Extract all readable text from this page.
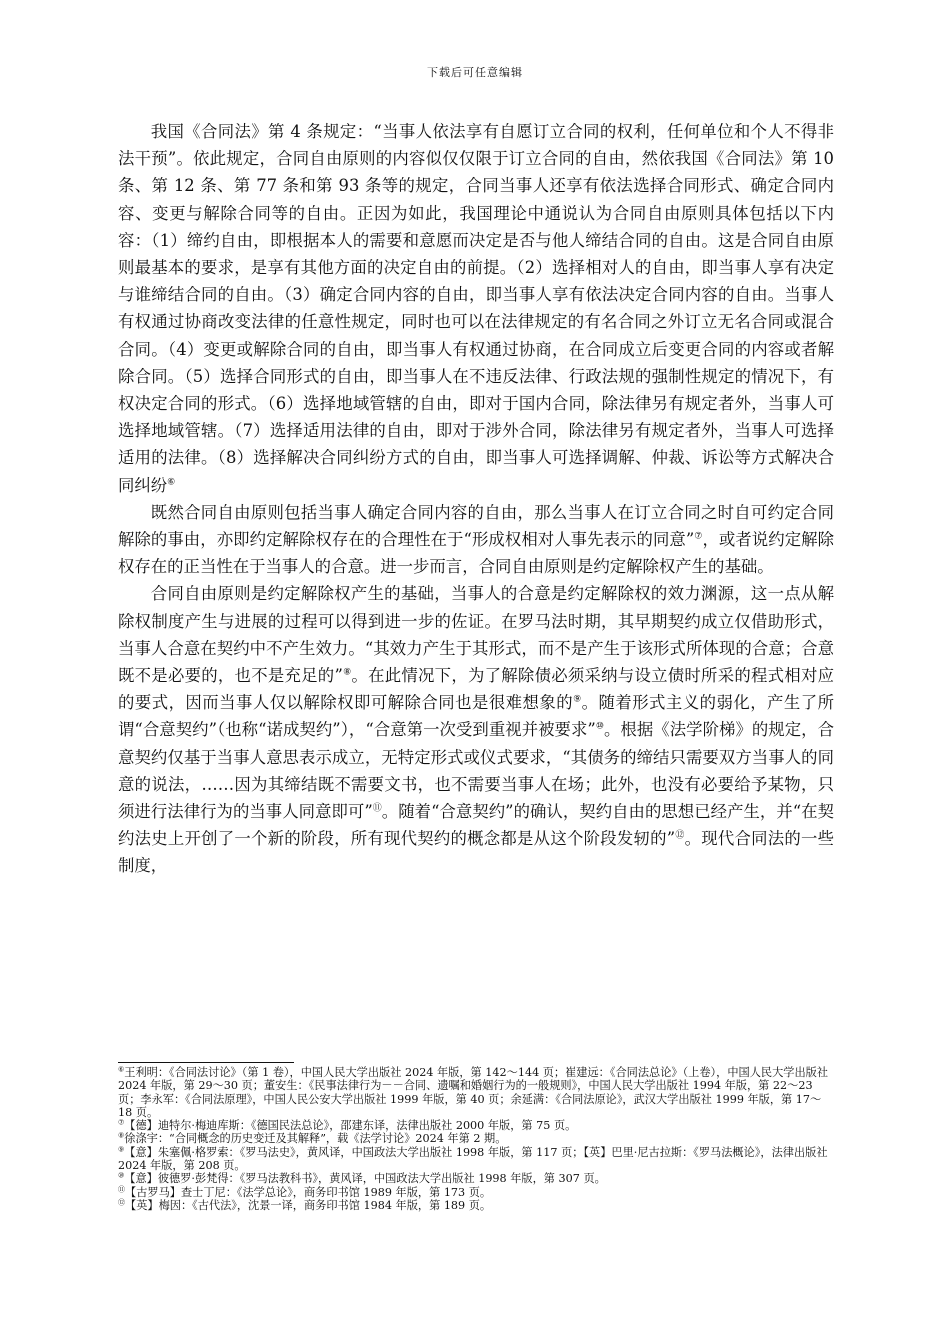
下载后可任意编辑

我国《合同法》第 4 条规定：“当事人依法享有自愿订立合同的权利，任何单位和个人不得非法干预”。依此规定，合同自由原则的内容似仅仅限于订立合同的自由，然依我国《合同法》第 10 条、第 12 条、第 77 条和第 93 条等的规定，合同当事人还享有依法选择合同形式、确定合同内容、变更与解除合同等的自由。正因为如此，我国理论中通说认为合同自由原则具体包括以下内容：（1）缔约自由，即根据本人的需要和意愿而决定是否与他人缔结合同的自由。这是合同自由原则最基本的要求，是享有其他方面的决定自由的前提。（2）选择相对人的自由，即当事人享有决定与谁缔结合同的自由。（3）确定合同内容的自由，即当事人享有依法决定合同内容的自由。当事人有权通过协商改变法律的任意性规定，同时也可以在法律规定的有名合同之外订立无名合同或混合合同。（4）变更或解除合同的自由，即当事人有权通过协商，在合同成立后变更合同的内容或者解除合同。（5）选择合同形式的自由，即当事人在不违反法律、行政法规的强制性规定的情况下，有权决定合同的形式。（6）选择地域管辖的自由，即对于国内合同，除法律另有规定者外，当事人可选择地域管辖。（7）选择适用法律的自由，即对于涉外合同，除法律另有规定者外，当事人可选择适用的法律。（8）选择解决合同纠纷方式的自由，即当事人可选择调解、仲裁、诉讼等方式解决合同纠纷⑥

既然合同自由原则包括当事人确定合同内容的自由，那么当事人在订立合同之时自可约定合同解除的事由，亦即约定解除权存在的合理性在于“形成权相对人事先表示的同意”⑦，或者说约定解除权存在的正当性在于当事人的合意。进一步而言，合同自由原则是约定解除权产生的基础。

合同自由原则是约定解除权产生的基础，当事人的合意是约定解除权的效力渊源，这一点从解除权制度产生与进展的过程可以得到进一步的佐证。在罗马法时期，其早期契约成立仅借助形式，当事人合意在契约中不产生效力。“其效力产生于其形式，而不是产生于该形式所体现的合意；合意既不是必要的，也不是充足的”⑧。在此情况下，为了解除债必须采纳与设立债时所采的程式相对应的要式，因而当事人仅以解除权即可解除合同也是很难想象的⑨。随着形式主义的弱化，产生了所谓“合意契约”（也称“诺成契约”），“合意第一次受到重视并被要求”⑩。根据《法学阶梯》的规定，合意契约仅基于当事人意思表示成立，无特定形式或仪式要求，“其债务的缔结只需要双方当事人的同意的说法，……因为其缔结既不需要文书，也不需要当事人在场；此外，也没有必要给予某物，只须进行法律行为的当事人同意即可”⑪。随着“合意契约”的确认，契约自由的思想已经产生，并“在契约法史上开创了一个新的阶段，所有现代契约的概念都是从这个阶段发轫的”⑫。现代合同法的一些制度，

⑥王利明：《合同法讨论》（第 1 卷），中国人民大学出版社 2024 年版，第 142～144 页；崔建远：《合同法总论》（上卷），中国人民大学出版社 2024 年版，第 29～30 页；董安生：《民事法律行为－－合同、遗嘱和婚姻行为的一般规则》，中国人民大学出版社 1994 年版，第 22～23 页；李永军：《合同法原理》，中国人民公安大学出版社 1999 年版，第 40 页；余延满：《合同法原论》，武汉大学出版社 1999 年版，第 17～18 页。
⑦【德】迪特尔·梅迪库斯：《德国民法总论》，邵建东译，法律出版社 2000 年版，第 75 页。
⑧徐涤宇：“合同概念的历史变迁及其解释”，载《法学讨论》2024 年第 2 期。
⑨【意】朱塞佩·格罗索：《罗马法史》，黄风译，中国政法大学出版社 1998 年版，第 117 页；【英】巴里·尼古拉斯：《罗马法概论》，法律出版社 2024 年版，第 208 页。
⑩【意】彼德罗·彭梵得：《罗马法教科书》，黄风译，中国政法大学出版社 1998 年版，第 307 页。
⑪【古罗马】查士丁尼：《法学总论》，商务印书馆 1989 年版，第 173 页。
⑫【英】梅因：《古代法》，沈景一译，商务印书馆 1984 年版，第 189 页。
